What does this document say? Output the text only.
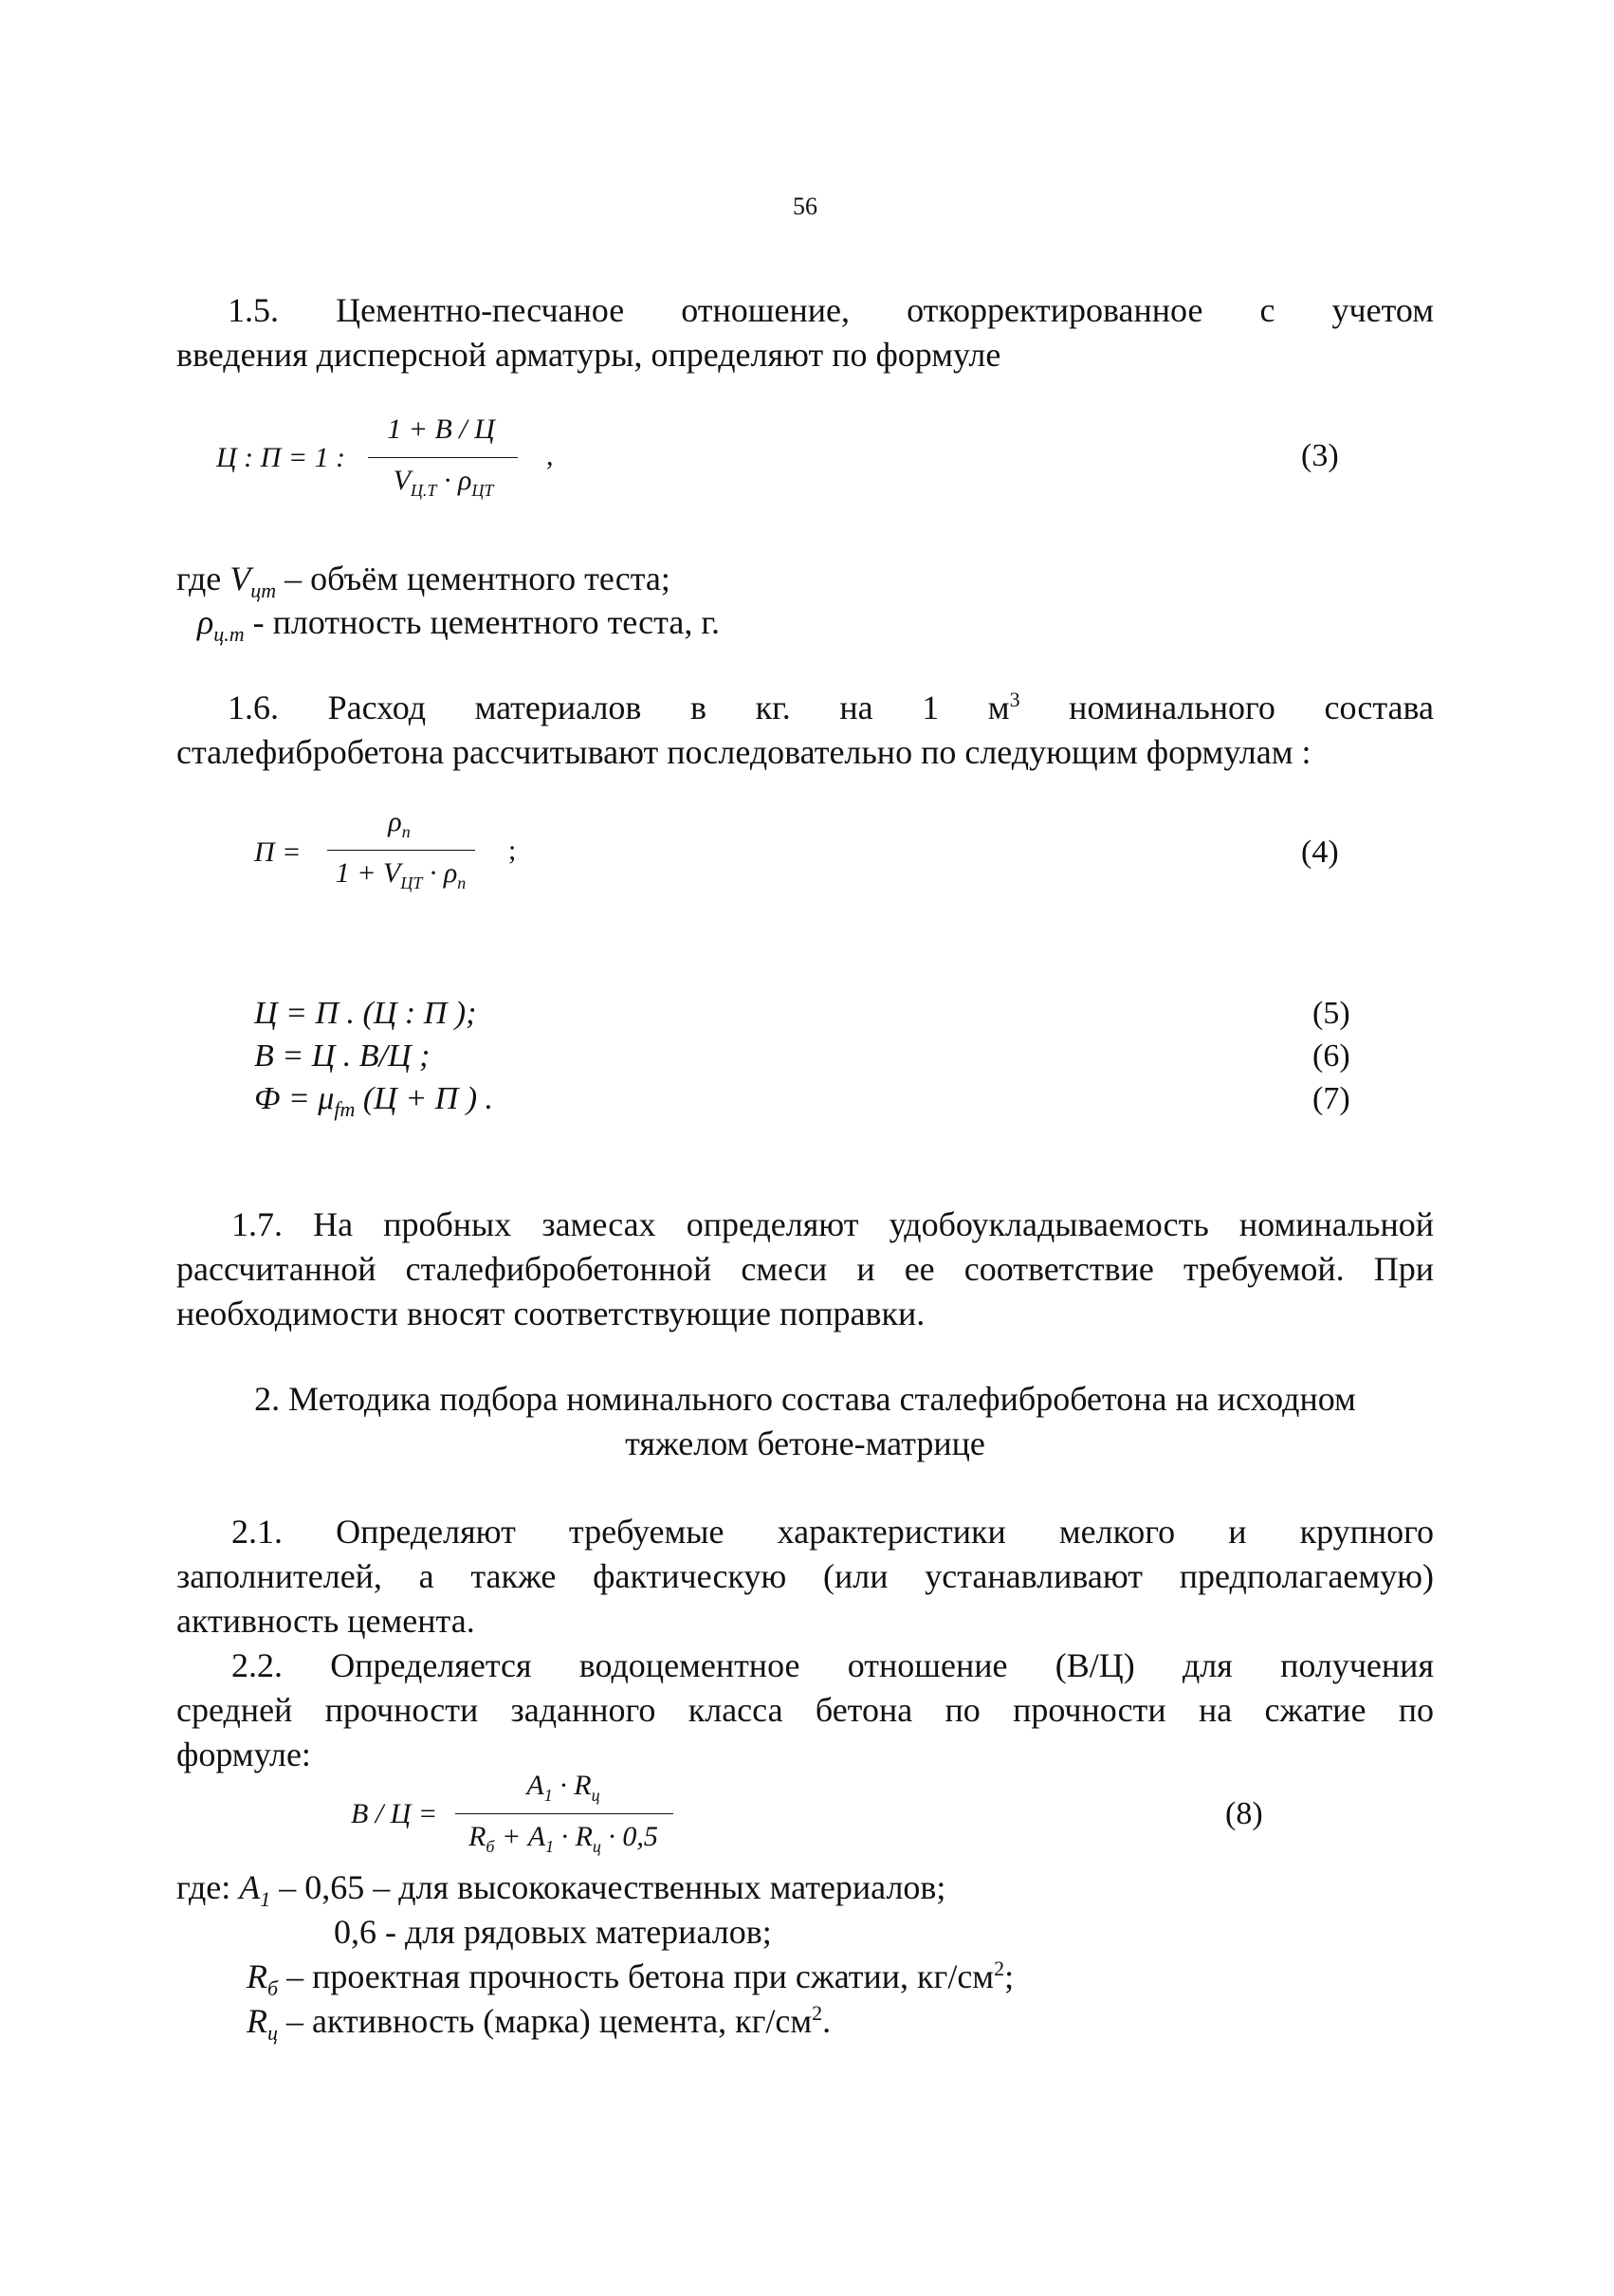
56
1.5. Цементно-песчаное отношение, откорректированное с учетом
введения дисперсной арматуры, определяют по формуле
Ц : П = 1 :
1 + В / Ц
$V_{Ц.Т} \cdot \rho_{ЦТ}$
,	(3)
где $V_{цт}$ – объём цементного теста;
$\rho_{ц.т}$ - плотность цементного теста, г.
1.6. Расход материалов в кг. на 1 $м^3$ номинального состава
сталефибробетона рассчитывают последовательно по следующим формулам :
П =
$\rho_п$
$1 + V_{ЦТ} \cdot \rho_п$
;	(4)
Ц = П . (Ц : П );	(5)
В = Ц . В/Ц ;	(6)
$Ф = \mu_{fm}$ (Ц + П ) .	(7)
1.7. На пробных замесах определяют удобоукладываемость номинальной
рассчитанной сталефибробетонной смеси и ее соответствие требуемой. При
необходимости вносят соответствующие поправки.
2. Методика подбора номинального состава сталефибробетона на исходном
тяжелом бетоне-матрице
2.1. Определяют требуемые характеристики мелкого и крупного
заполнителей, а также фактическую (или устанавливают предполагаемую)
активность цемента.
2.2. Определяется водоцементное отношение (В/Ц) для получения
средней прочности заданного класса бетона по прочности на сжатие по
формуле:
В / Ц =
$A_1 \cdot R_ц$
$R_б + A_1 \cdot R_ц \cdot 0,5$
(8)
где: $A_1 - 0,65$ – для высококачественных материалов;
0,6 - для рядовых материалов;
$R_б$ – проектная прочность бетона при сжатии, $кг/см^2$;
$R_ц$ – активность (марка) цемента, $кг/см^2$.
